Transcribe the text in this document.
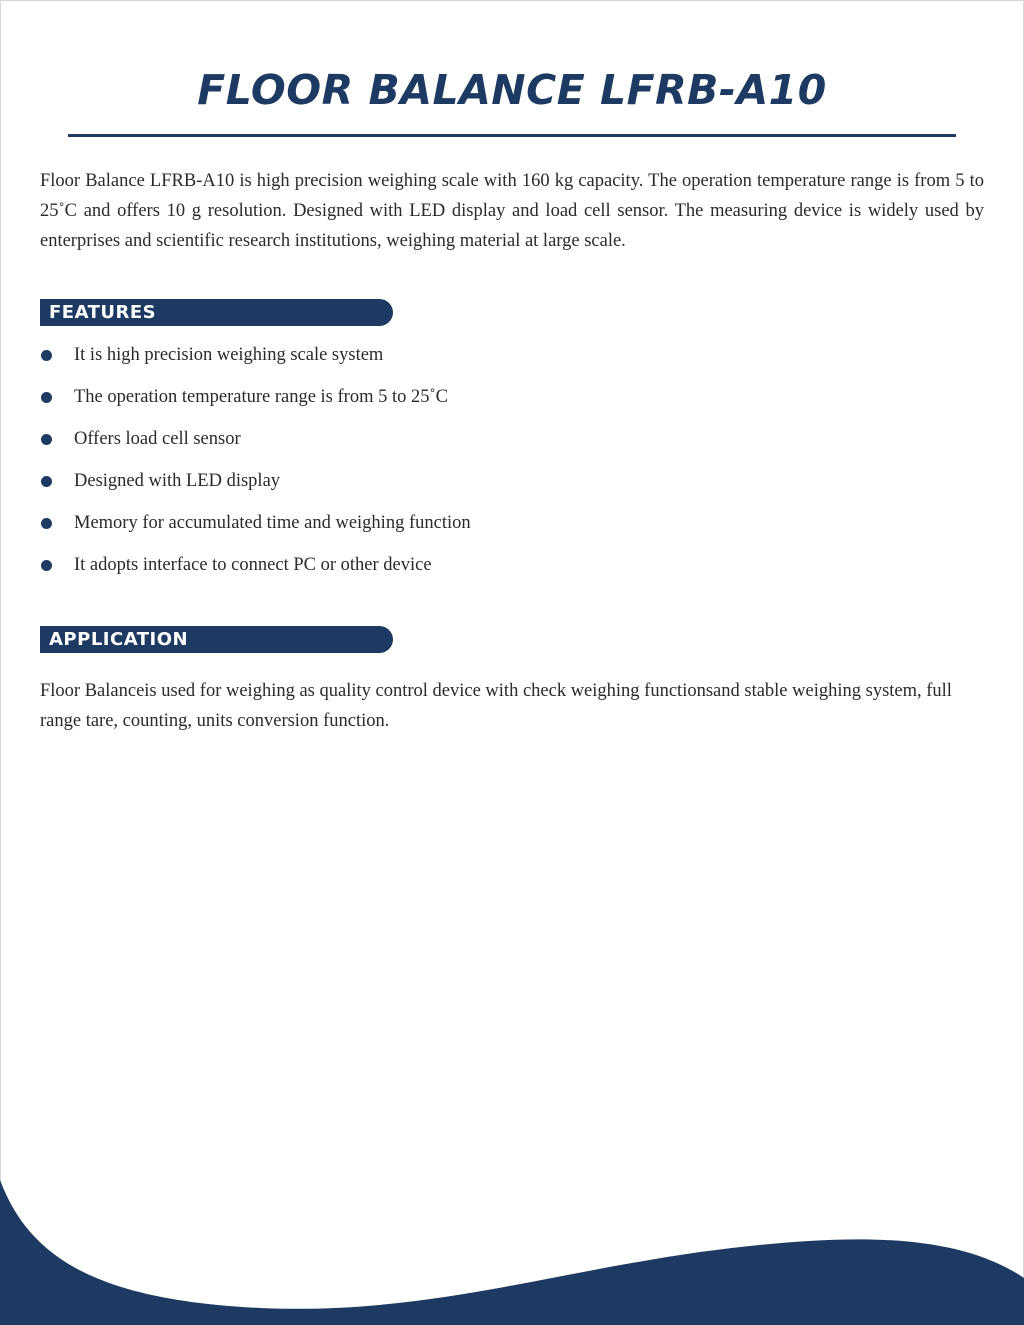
FLOOR BALANCE LFRB-A10

Floor Balance LFRB-A10 is high precision weighing scale with 160 kg capacity. The operation temperature range is from 5 to 25˚C and offers 10 g resolution. Designed with LED display and load cell sensor. The measuring device is widely used by enterprises and scientific research institutions, weighing material at large scale.

FEATURES
It is high precision weighing scale system
The operation temperature range is from 5 to 25˚C
Offers load cell sensor
Designed with LED display
Memory for accumulated time and weighing function
It adopts interface to connect PC or other device
APPLICATION

Floor Balanceis used for weighing as quality control device with check weighing functionsand stable weighing system, full range tare, counting, units conversion function.
